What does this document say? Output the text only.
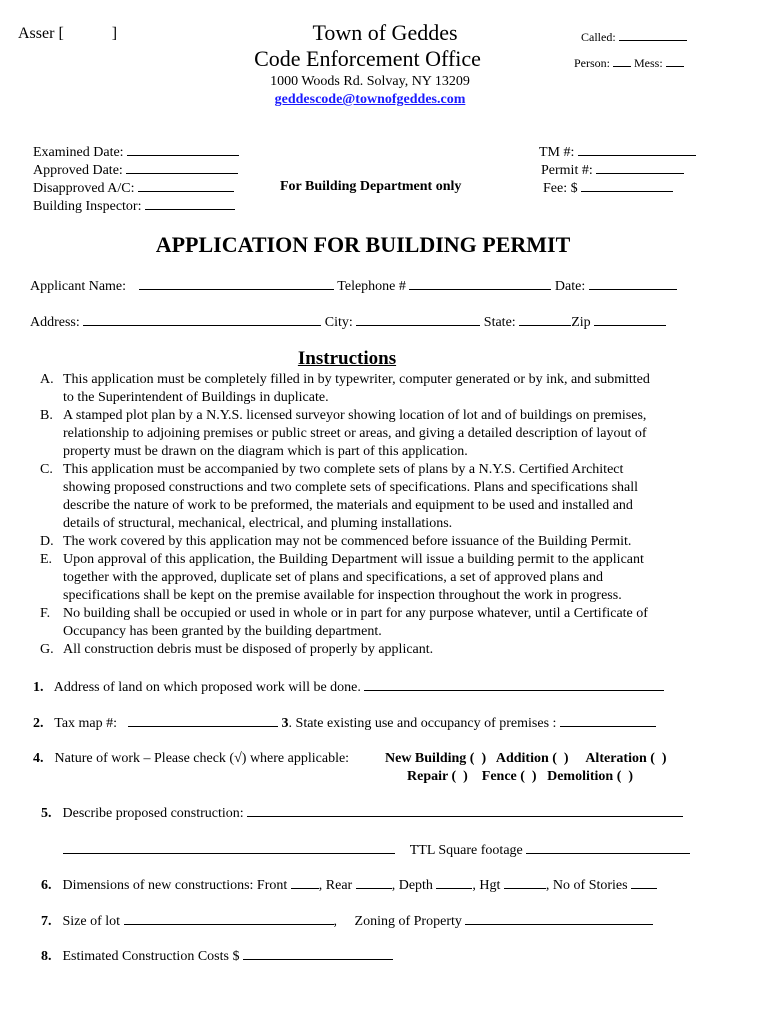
Asser [	]	Town of Geddes
Code Enforcement Office
1000 Woods Rd. Solvay, NY 13209
geddescode@townofgeddes.com
Called:
Person: Mess:
Examined Date:
Approved Date:
Disapproved A/C:
Building Inspector:
For Building Department only
TM #:
Permit #:
Fee: $
APPLICATION FOR BUILDING PERMIT
Applicant Name:	Telephone #	Date:
Address:	City:	State:	Zip
Instructions
A. This application must be completely filled in by typewriter, computer generated or by ink, and submitted
to the Superintendent of Buildings in duplicate.
B. A stamped plot plan by a N.Y.S. licensed surveyor showing location of lot and of buildings on premises,
relationship to adjoining premises or public street or areas, and giving a detailed description of layout of
property must be drawn on the diagram which is part of this application.
C. This application must be accompanied by two complete sets of plans by a N.Y.S. Certified Architect
showing proposed constructions and two complete sets of specifications. Plans and specifications shall
describe the nature of work to be preformed, the materials and equipment to be used and installed and
details of structural, mechanical, electrical, and pluming installations.
D. The work covered by this application may not be commenced before issuance of the Building Permit.
E. Upon approval of this application, the Building Department will issue a building permit to the applicant
together with the approved, duplicate set of plans and specifications, a set of approved plans and
specifications shall be kept on the premise available for inspection throughout the work in progress.
F. No building shall be occupied or used in whole or in part for any purpose whatever, until a Certificate of
Occupancy has been granted by the building department.
G. All construction debris must be disposed of properly by applicant.
1. Address of land on which proposed work will be done.
2. Tax map #:	3. State existing use and occupancy of premises :
4. Nature of work – Please check (√) where applicable:	New Building (  )   Addition (  )     Alteration (  )
Repair (  )    Fence (  )   Demolition (  )
5. Describe proposed construction:
TTL Square footage
6. Dimensions of new constructions: Front , Rear	, Depth	, Hgt	, No of Stories
7. Size of lot	,     Zoning of Property
8. Estimated Construction Costs $
